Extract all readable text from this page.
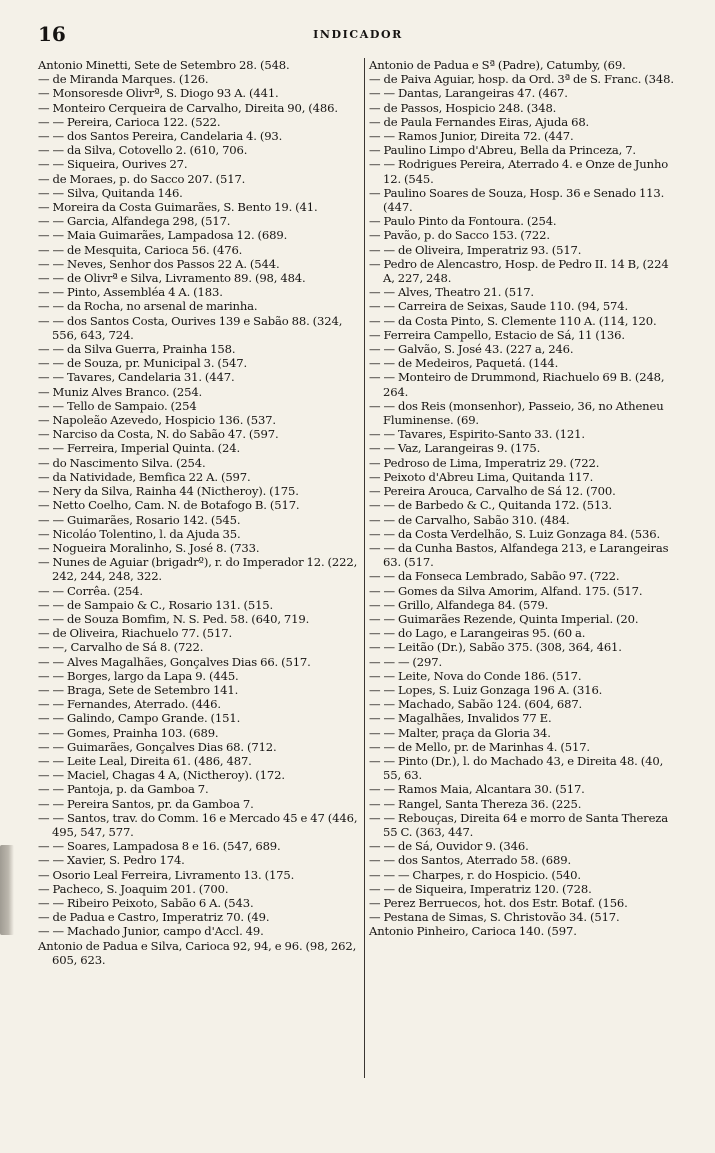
16	INDICADOR
Antonio Minetti, Sete de Setembro 28. (548.
— de Miranda Marques. (126.
— Monsoresde Olivrª, S. Diogo 93 A. (441.
— Monteiro Cerqueira de Carvalho, Direita 90, (486.
— — Pereira, Carioca 122. (522.
— — dos Santos Pereira, Candelaria 4. (93.
— — da Silva, Cotovello 2. (610, 706.
— — Siqueira, Ourives 27.
— de Moraes, p. do Sacco 207. (517.
— — Silva, Quitanda 146.
— Moreira da Costa Guimarães, S. Bento 19. (41.
— — Garcia, Alfandega 298, (517.
— — Maia Guimarães, Lampadosa 12. (689.
— — de Mesquita, Carioca 56. (476.
— — Neves, Senhor dos Passos 22 A. (544.
— — de Olivrª e Silva, Livramento 89. (98, 484.
— — Pinto, Assembléa 4 A. (183.
— — da Rocha, no arsenal de marinha.
— — dos Santos Costa, Ourives 139 e Sabão 88. (324, 556, 643, 724.
— — da Silva Guerra, Prainha 158.
— — de Souza, pr. Municipal 3. (547.
— — Tavares, Candelaria 31. (447.
— Muniz Alves Branco. (254.
— — Tello de Sampaio. (254
— Napoleão Azevedo, Hospicio 136. (537.
— Narciso da Costa, N. do Sabão 47. (597.
— — Ferreira, Imperial Quinta. (24.
— do Nascimento Silva. (254.
— da Natividade, Bemfica 22 A. (597.
— Nery da Silva, Rainha 44 (Nictheroy). (175.
— Netto Coelho, Cam. N. de Botafogo B. (517.
— — Guimarães, Rosario 142. (545.
— Nicoláo Tolentino, l. da Ajuda 35.
— Nogueira Moralinho, S. José 8. (733.
— Nunes de Aguiar (brigadrº), r. do Imperador 12. (222, 242, 244, 248, 322.
— — Corrêa. (254.
— — de Sampaio & C., Rosario 131. (515.
— — de Souza Bomfim, N. S. Ped. 58. (640, 719.
— de Oliveira, Riachuelo 77. (517.
— —, Carvalho de Sá 8. (722.
— — Alves Magalhães, Gonçalves Dias 66. (517.
— — Borges, largo da Lapa 9. (445.
— — Braga, Sete de Setembro 141.
— — Fernandes, Aterrado. (446.
— — Galindo, Campo Grande. (151.
— — Gomes, Prainha 103. (689.
— — Guimarães, Gonçalves Dias 68. (712.
— — Leite Leal, Direita 61. (486, 487.
— — Maciel, Chagas 4 A, (Nictheroy). (172.
— — Pantoja, p. da Gamboa 7.
— — Pereira Santos, pr. da Gamboa 7.
— — Santos, trav. do Comm. 16 e Mercado 45 e 47 (446, 495, 547, 577.
— — Soares, Lampadosa 8 e 16. (547, 689.
— — Xavier, S. Pedro 174.
— Osorio Leal Ferreira, Livramento 13. (175.
— Pacheco, S. Joaquim 201. (700.
— — Ribeiro Peixoto, Sabão 6 A. (543.
— de Padua e Castro, Imperatriz 70. (49.
— — Machado Junior, campo d'Accl. 49.
Antonio de Padua e Silva, Carioca 92, 94, e 96. (98, 262, 605, 623.
Antonio de Padua e Sª (Padre), Catumby, (69.
— de Paiva Aguiar, hosp. da Ord. 3ª de S. Franc. (348.
— — Dantas, Larangeiras 47. (467.
— de Passos, Hospicio 248. (348.
— de Paula Fernandes Eiras, Ajuda 68.
— — Ramos Junior, Direita 72. (447.
— Paulino Limpo d'Abreu, Bella da Princeza, 7.
— — Rodrigues Pereira, Aterrado 4. e Onze de Junho 12. (545.
— Paulino Soares de Souza, Hosp. 36 e Senado 113. (447.
— Paulo Pinto da Fontoura. (254.
— Pavão, p. do Sacco 153. (722.
— — de Oliveira, Imperatriz 93. (517.
— Pedro de Alencastro, Hosp. de Pedro II. 14 B, (224 A, 227, 248.
— — Alves, Theatro 21. (517.
— — Carreira de Seixas, Saude 110. (94, 574.
— — da Costa Pinto, S. Clemente 110 A. (114, 120.
— Ferreira Campello, Estacio de Sá, 11 (136.
— — Galvão, S. José 43. (227 a, 246.
— — de Medeiros, Paquetá. (144.
— — Monteiro de Drummond, Riachuelo 69 B. (248, 264.
— — dos Reis (monsenhor), Passeio, 36, no Atheneu Fluminense. (69.
— — Tavares, Espirito-Santo 33. (121.
— — Vaz, Larangeiras 9. (175.
— Pedroso de Lima, Imperatriz 29. (722.
— Peixoto d'Abreu Lima, Quitanda 117.
— Pereira Arouca, Carvalho de Sá 12. (700.
— — de Barbedo & C., Quitanda 172. (513.
— — de Carvalho, Sabão 310. (484.
— — da Costa Verdelhão, S. Luiz Gonzaga 84. (536.
— — da Cunha Bastos, Alfandega 213, e Larangeiras 63. (517.
— — da Fonseca Lembrado, Sabão 97. (722.
— — Gomes da Silva Amorim, Alfand. 175. (517.
— — Grillo, Alfandega 84. (579.
— — Guimarães Rezende, Quinta Imperial. (20.
— — do Lago, e Larangeiras 95. (60 a.
— — Leitão (Dr.), Sabão 375. (308, 364, 461.
— — — (297.
— — Leite, Nova do Conde 186. (517.
— — Lopes, S. Luiz Gonzaga 196 A. (316.
— — Machado, Sabão 124. (604, 687.
— — Magalhães, Invalidos 77 E.
— — Malter, praça da Gloria 34.
— — de Mello, pr. de Marinhas 4. (517.
— — Pinto (Dr.), l. do Machado 43, e Direita 48. (40, 55, 63.
— — Ramos Maia, Alcantara 30. (517.
— — Rangel, Santa Thereza 36. (225.
— — Rebouças, Direita 64 e morro de Santa Thereza 55 C. (363, 447.
— — de Sá, Ouvidor 9. (346.
— — dos Santos, Aterrado 58. (689.
— — — Charpes, r. do Hospicio. (540.
— — de Siqueira, Imperatriz 120. (728.
— Perez Berruecos, hot. dos Estr. Botaf. (156.
— Pestana de Simas, S. Christovão 34. (517.
Antonio Pinheiro, Carioca 140. (597.
